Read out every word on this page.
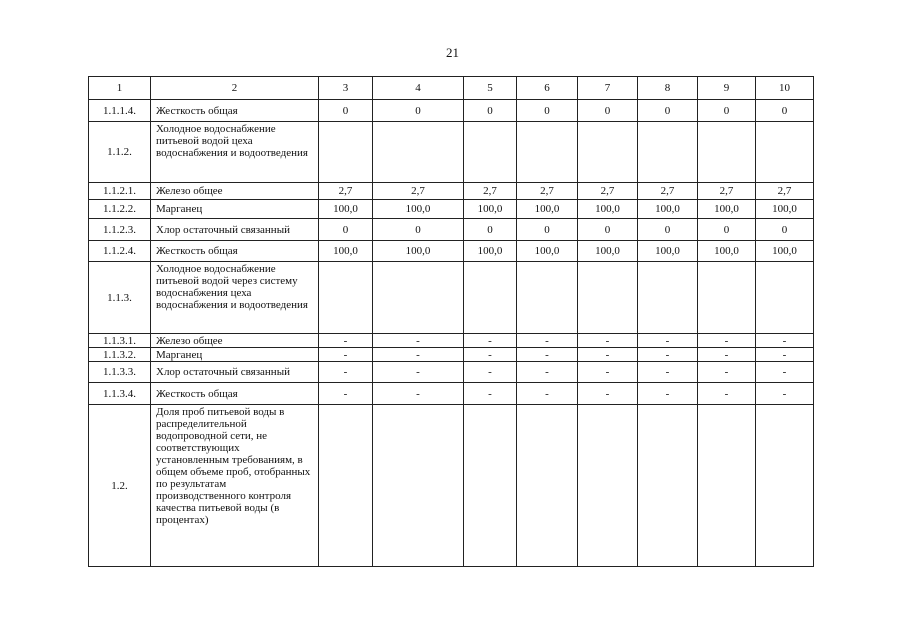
21
1	2	3	4	5	6	7	8	9	10
1.1.1.4.	Жесткость общая	0	0	0	0	0	0	0	0
1.1.2.	Холодное водоснабжение питьевой водой цеха водоснабжения и водоотведения								
1.1.2.1.	Железо общее	2,7	2,7	2,7	2,7	2,7	2,7	2,7	2,7
1.1.2.2.	Марганец	100,0	100,0	100,0	100,0	100,0	100,0	100,0	100,0
1.1.2.3.	Хлор остаточный связанный	0	0	0	0	0	0	0	0
1.1.2.4.	Жесткость общая	100,0	100,0	100,0	100,0	100,0	100,0	100,0	100,0
1.1.3.	Холодное водоснабжение питьевой водой через систему водоснабжения цеха водоснабжения и водоотведения								
1.1.3.1.	Железо общее	-	-	-	-	-	-	-	-
1.1.3.2.	Марганец	-	-	-	-	-	-	-	-
1.1.3.3.	Хлор остаточный связанный	-	-	-	-	-	-	-	-
1.1.3.4.	Жесткость общая	-	-	-	-	-	-	-	-
1.2.	Доля проб питьевой воды в распределительной водопроводной сети, не соответствующих установленным требованиям, в общем объеме проб, отобранных по результатам производственного контроля качества питьевой воды (в процентах)								
